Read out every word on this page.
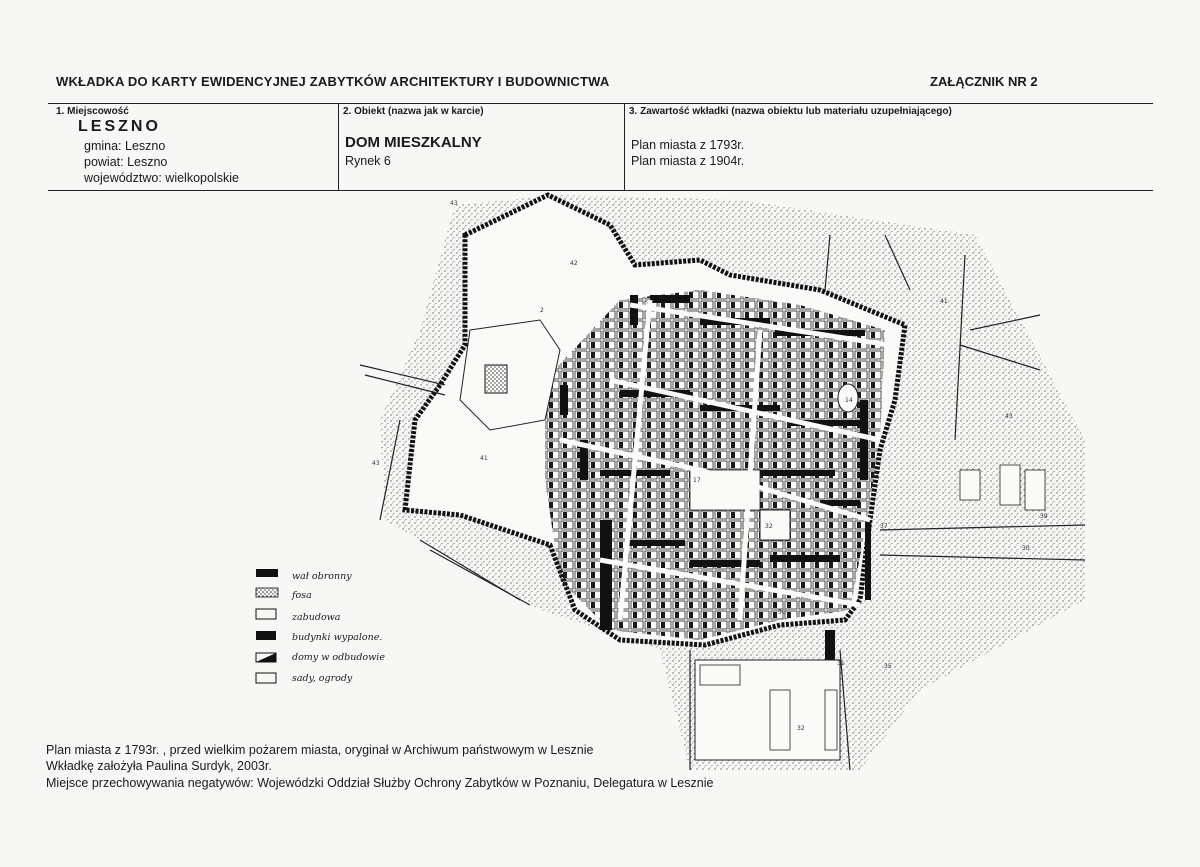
WKŁADKA DO KARTY EWIDENCYJNEJ ZABYTKÓW ARCHITEKTURY I BUDOWNICTWA	ZAŁĄCZNIK NR 2
1. Miejscowość
LESZNO
gmina: Leszno
powiat: Leszno
województwo: wielkopolskie
2. Obiekt (nazwa jak w karcie)
DOM MIESZKALNY
Rynek 6
3. Zawartość wkładki (nazwa obiektu lub materiału uzupełniającego)
Plan miasta z 1793r.
Plan miasta z 1904r.
43
42
41
43
43
41
14
17
32
30
37
39
30
31	35
32
2
wał obronny
fosa
zabudowa
budynki wypalone.
domy w odbudowie
sady, ogrody
Plan miasta z 1793r. , przed wielkim pożarem miasta, oryginał w Archiwum państwowym w Lesznie
Wkładkę założyła Paulina Surdyk, 2003r.
Miejsce przechowywania negatywów: Wojewódzki Oddział Służby Ochrony Zabytków w Poznaniu, Delegatura w Lesznie
